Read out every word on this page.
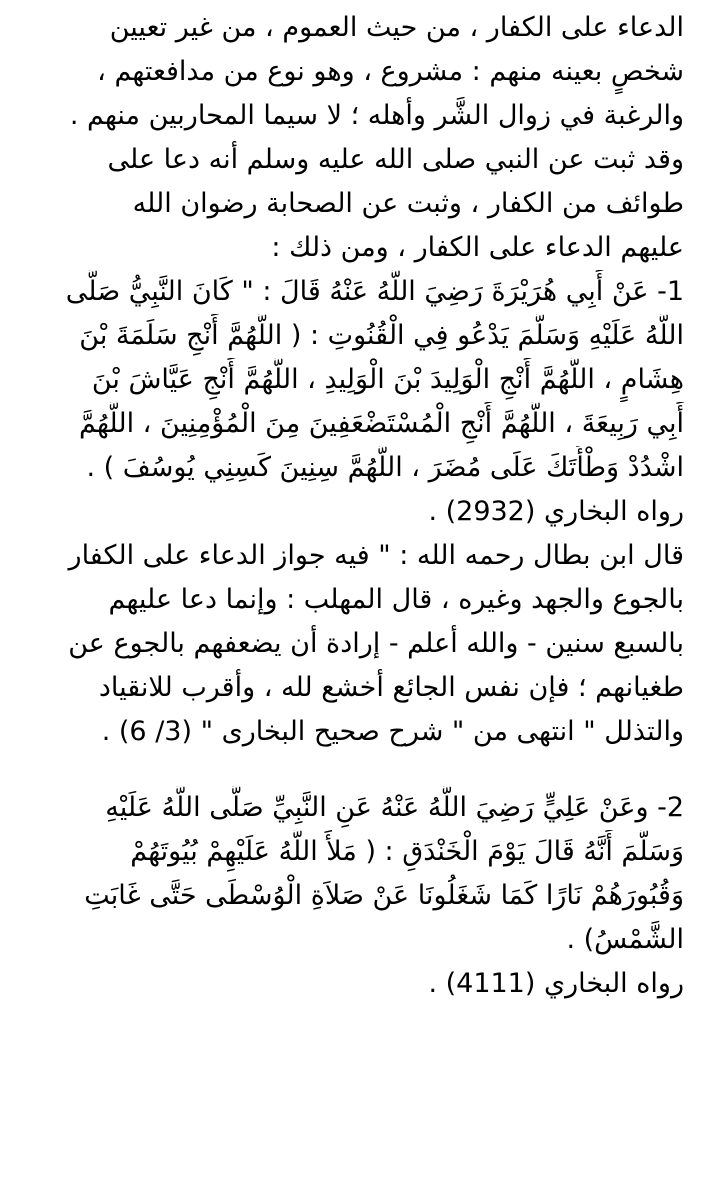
الدعاء على الكفار ، من حيث العموم ، من غير تعيين
شخصٍ بعينه منهم : مشروع ، وهو نوع من مدافعتهم ،
والرغبة في زوال الشَّر وأهله ؛ لا سيما المحاربين منهم .
وقد ثبت عن النبي صلى الله عليه وسلم أنه دعا على
طوائف من الكفار ، وثبت عن الصحابة رضوان الله
عليهم الدعاء على الكفار ، ومن ذلك :
1- عَنْ أَبِي هُرَيْرَةَ رَضِيَ اللَّهُ عَنْهُ قَالَ : " كَانَ النَّبِيُّ صَلَّى
اللَّهُ عَلَيْهِ وَسَلَّمَ يَدْعُو فِي الْقُنُوتِ : ( اللَّهُمَّ أَنْجِ سَلَمَةَ بْنَ
هِشَامٍ ، اللَّهُمَّ أَنْجِ الْوَلِيدَ بْنَ الْوَلِيدِ ، اللَّهُمَّ أَنْجِ عَيَّاشَ بْنَ
أَبِي رَبِيعَةَ ، اللَّهُمَّ أَنْجِ الْمُسْتَضْعَفِينَ مِنَ الْمُؤْمِنِينَ ، اللَّهُمَّ
اشْدُدْ وَطْأَتَكَ عَلَى مُضَرَ ، اللَّهُمَّ سِنِينَ كَسِنِي يُوسُفَ ) .
رواه البخاري (2932) .
قال ابن بطال رحمه الله : " فيه جواز الدعاء على الكفار
بالجوع والجهد وغيره ، قال المهلب : وإنما دعا عليهم
بالسبع سنين - والله أعلم - إرادة أن يضعفهم بالجوع عن
طغيانهم ؛ فإن نفس الجائع أخشع لله ، وأقرب للانقياد
والتذلل " انتهى من " شرح صحيح البخارى " (3/ 6) .
2- وعَنْ عَلِيٍّ رَضِيَ اللَّهُ عَنْهُ عَنِ النَّبِيِّ صَلَّى اللَّهُ عَلَيْهِ
وَسَلَّمَ أَنَّهُ قَالَ يَوْمَ الْخَنْدَقِ : ( مَلأَ اللَّهُ عَلَيْهِمْ بُيُوتَهُمْ
وَقُبُورَهُمْ نَارًا كَمَا شَغَلُونَا عَنْ صَلاَةِ الْوُسْطَى حَتَّى غَابَتِ
الشَّمْسُ) .
رواه البخاري (4111) .
